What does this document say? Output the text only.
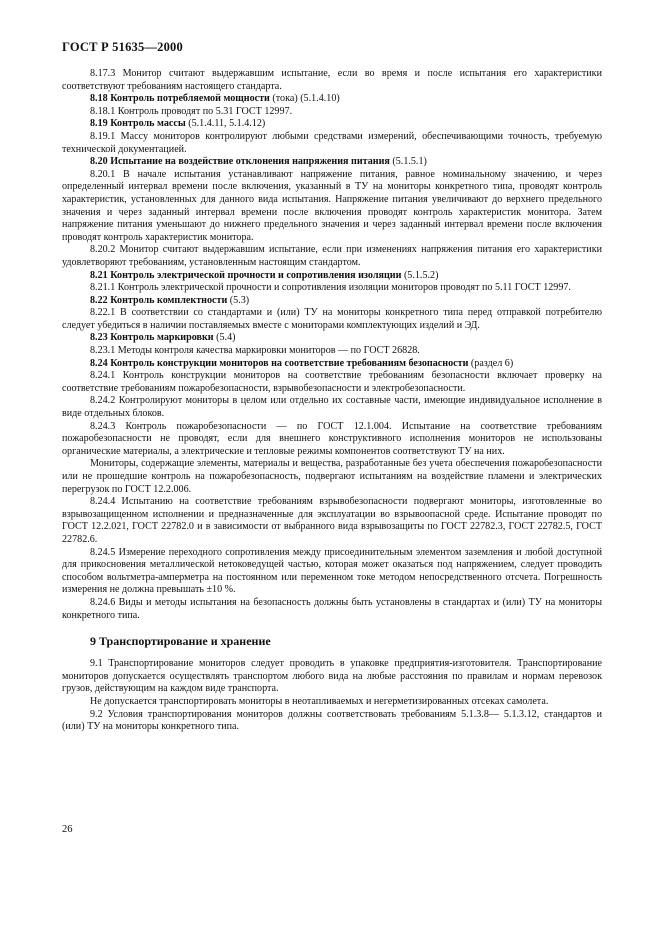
ГОСТ Р 51635—2000

8.17.3 Монитор считают выдержавшим испытание, если во время и после испытания его характеристики соответствуют требованиям настоящего стандарта.

8.18 Контроль потребляемой мощности (тока) (5.1.4.10)

8.18.1 Контроль проводят по 5.31 ГОСТ 12997.

8.19 Контроль массы (5.1.4.11, 5.1.4.12)

8.19.1 Массу мониторов контролируют любыми средствами измерений, обеспечивающими точность, требуемую технической документацией.

8.20 Испытание на воздействие отклонения напряжения питания (5.1.5.1)

8.20.1 В начале испытания устанавливают напряжение питания, равное номинальному значению, и через определенный интервал времени после включения, указанный в ТУ на мониторы конкретного типа, проводят контроль характеристик, установленных для данного вида испытания. Напряжение питания увеличивают до верхнего предельного значения и через заданный интервал времени после включения проводят контроль характеристик монитора. Затем напряжение питания уменьшают до нижнего предельного значения и через заданный интервал времени после включения проводят контроль характеристик монитора.

8.20.2 Монитор считают выдержавшим испытание, если при изменениях напряжения питания его характеристики удовлетворяют требованиям, установленным настоящим стандартом.

8.21 Контроль электрической прочности и сопротивления изоляции (5.1.5.2)

8.21.1 Контроль электрической прочности и сопротивления изоляции мониторов проводят по 5.11 ГОСТ 12997.

8.22 Контроль комплектности (5.3)

8.22.1 В соответствии со стандартами и (или) ТУ на мониторы конкретного типа перед отправкой потребителю следует убедиться в наличии поставляемых вместе с мониторами комплектующих изделий и ЭД.

8.23 Контроль маркировки (5.4)

8.23.1 Методы контроля качества маркировки мониторов — по ГОСТ 26828.

8.24 Контроль конструкции мониторов на соответствие требованиям безопасности (раздел 6)

8.24.1 Контроль конструкции мониторов на соответствие требованиям безопасности включает проверку на соответствие требованиям пожаробезопасности, взрывобезопасности и электробезопасности.

8.24.2 Контролируют мониторы в целом или отдельно их составные части, имеющие индивидуальное исполнение в виде отдельных блоков.

8.24.3 Контроль пожаробезопасности — по ГОСТ 12.1.004. Испытание на соответствие требованиям пожаробезопасности не проводят, если для внешнего конструктивного исполнения мониторов не использованы органические материалы, а электрические и тепловые режимы компонентов соответствуют ТУ на них.

Мониторы, содержащие элементы, материалы и вещества, разработанные без учета обеспечения пожаробезопасности или не прошедшие контроль на пожаробезопасность, подвергают испытаниям на воздействие пламени и электрических перегрузок по ГОСТ 12.2.006.

8.24.4 Испытанию на соответствие требованиям взрывобезопасности подвергают мониторы, изготовленные во взрывозащищенном исполнении и предназначенные для эксплуатации во взрывоопасной среде. Испытание проводят по ГОСТ 12.2.021, ГОСТ 22782.0 и в зависимости от выбранного вида взрывозащиты по ГОСТ 22782.3, ГОСТ 22782.5, ГОСТ 22782.6.

8.24.5 Измерение переходного сопротивления между присоединительным элементом заземления и любой доступной для прикосновения металлической нетоковедущей частью, которая может оказаться под напряжением, следует проводить способом вольтметра-амперметра на постоянном или переменном токе методом непосредственного отсчета. Погрешность измерения не должна превышать ±10 %.

8.24.6 Виды и методы испытания на безопасность должны быть установлены в стандартах и (или) ТУ на мониторы конкретного типа.

9 Транспортирование и хранение

9.1 Транспортирование мониторов следует проводить в упаковке предприятия-изготовителя. Транспортирование мониторов допускается осуществлять транспортом любого вида на любые расстояния по правилам и нормам перевозок грузов, действующим на каждом виде транспорта.

Не допускается транспортировать мониторы в неотапливаемых и негерметизированных отсеках самолета.

9.2 Условия транспортирования мониторов должны соответствовать требованиям 5.1.3.8— 5.1.3.12, стандартов и (или) ТУ на мониторы конкретного типа.

26
